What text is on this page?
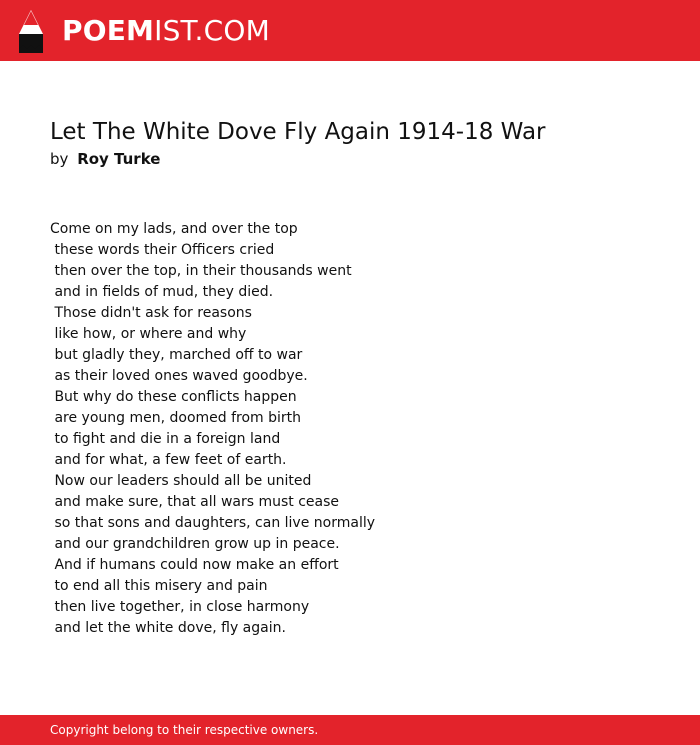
POEMIST.COM
Let The White Dove Fly Again 1914-18 War
by Roy Turke
Come on my lads, and over the top
these words their Officers cried
then over the top, in their thousands went
and in fields of mud, they died.
Those didn't ask for reasons
like how, or where and why
but gladly they, marched off to war
as their loved ones waved goodbye.
But why do these conflicts happen
are young men, doomed from birth
to fight and die in a foreign land
and for what, a few feet of earth.
Now our leaders should all be united
and make sure, that all wars must cease
so that sons and daughters, can live normally
and our grandchildren grow up in peace.
And if humans could now make an effort
to end all this misery and pain
then live together, in close harmony
and let the white dove, fly again.
Copyright belong to their respective owners.
